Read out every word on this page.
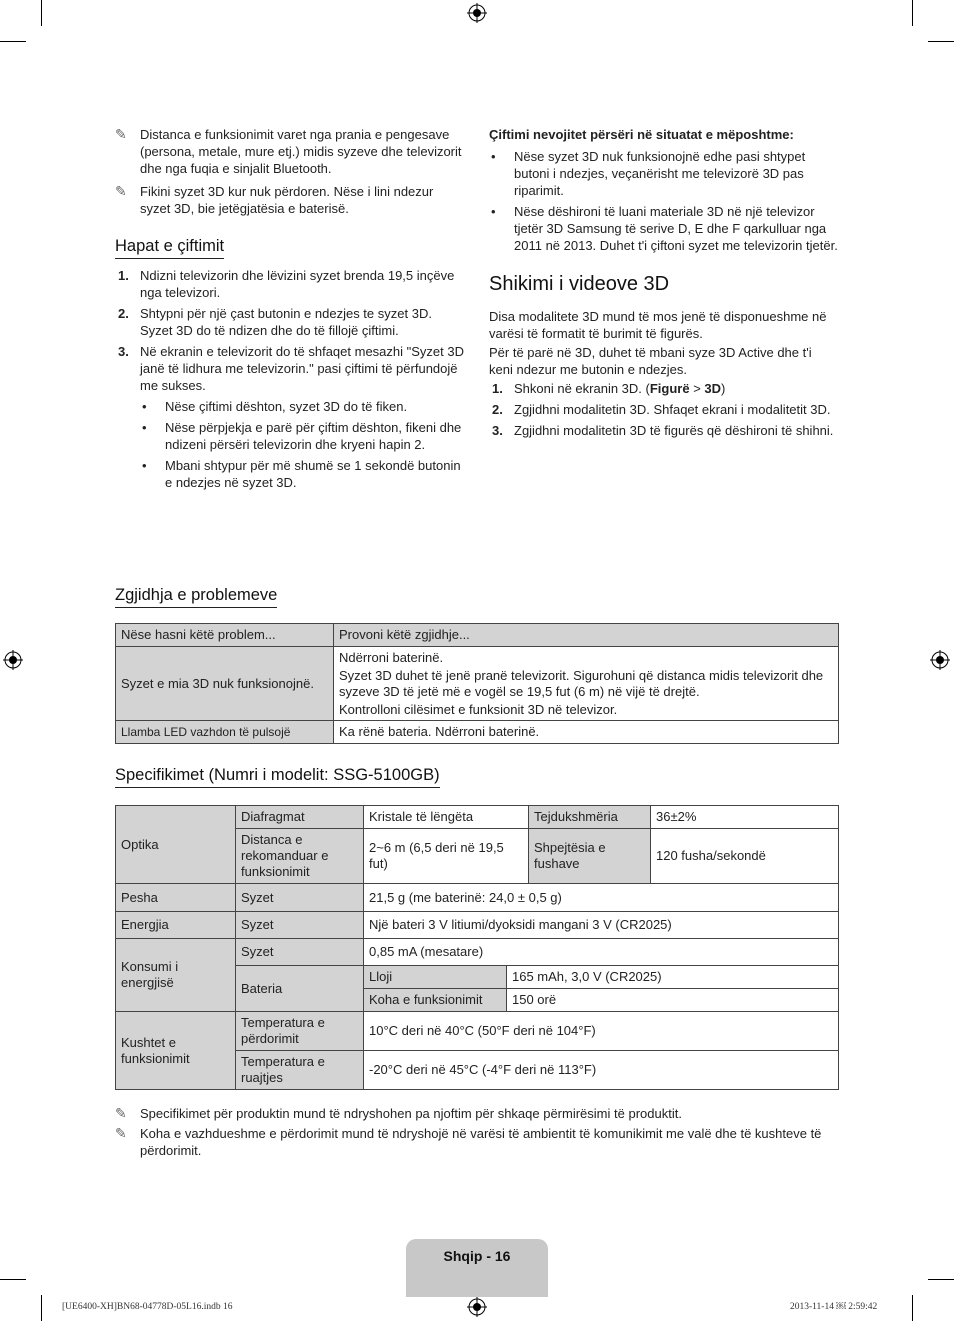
✎ Distanca e funksionimit varet nga prania e pengesave (persona, metale, mure etj.) midis syzeve dhe televizorit dhe nga fuqia e sinjalit Bluetooth.
✎ Fikini syzet 3D kur nuk përdoren. Nëse i lini ndezur syzet 3D, bie jetëgjatësia e baterisë.
Hapat e çiftimit
1. Ndizni televizorin dhe lëvizini syzet brenda 19,5 inçëve nga televizori.
2. Shtypni për një çast butonin e ndezjes te syzet 3D. Syzet 3D do të ndizen dhe do të fillojë çiftimi.
3. Në ekranin e televizorit do të shfaqet mesazhi "Syzet 3D janë të lidhura me televizorin." pasi çiftimi të përfundojë me sukses.
• Nëse çiftimi dështon, syzet 3D do të fiken.
• Nëse përpjekja e parë për çiftim dështon, fikeni dhe ndizeni përsëri televizorin dhe kryeni hapin 2.
• Mbani shtypur për më shumë se 1 sekondë butonin e ndezjes në syzet 3D.

Çiftimi nevojitet përsëri në situatat e mëposhtme:

• Nëse syzet 3D nuk funksionojnë edhe pasi shtypet butoni i ndezjes, veçanërisht me televizorë 3D pas riparimit.
• Nëse dëshironi të luani materiale 3D në një televizor tjetër 3D Samsung të serive D, E dhe F qarkulluar nga 2011 në 2013. Duhet t'i çiftoni syzet me televizorin tjetër.
Shikimi i videove 3D

Disa modalitete 3D mund të mos jenë të disponueshme në varësi të formatit të burimit të figurës.

Për të parë në 3D, duhet të mbani syze 3D Active dhe t'i keni ndezur me butonin e ndezjes.

1. Shkoni në ekranin 3D. (Figurë > 3D)
2. Zgjidhni modalitetin 3D. Shfaqet ekrani i modalitetit 3D.
3. Zgjidhni modalitetin 3D të figurës që dëshironi të shihni.
Zgjidhja e problemeve
Nëse hasni këtë problem...	Provoni këtë zgjidhje...
Syzet e mia 3D nuk funksionojnë.	Ndërroni baterinë.
Syzet 3D duhet të jenë pranë televizorit. Sigurohuni që distanca midis televizorit dhe syzeve 3D të jetë më e vogël se 19,5 fut (6 m) në vijë të drejtë.
Kontrolloni cilësimet e funksionit 3D në televizor.

Llamba LED vazhdon të pulsojë	Ka rënë bateria. Ndërroni baterinë.
Specifikimet (Numri i modelit: SSG-5100GB)
Optika	Diafragmat	Kristale të lëngëta		Tejdukshmëria	36±2%
	Distanca e rekomanduar e funksionimit	2~6 m (6,5 deri në 19,5 fut)		Shpejtësia e fushave	120 fusha/sekondë
Pesha	Syzet	21,5 g (me baterinë: 24,0 ± 0,5 g)			
Energjia	Syzet	Një bateri 3 V litiumi/dyoksidi mangani 3 V (CR2025)			
Konsumi i energjisë	Syzet	0,85 mA (mesatare)			
	Bateria	Lloji	165 mAh, 3,0 V (CR2025)		
		Koha e funksionimit	150 orë		
Kushtet e funksionimit	Temperatura e përdorimit	10°C deri në 40°C (50°F deri në 104°F)			
	Temperatura e ruajtjes	-20°C deri në 45°C (-4°F deri në 113°F)			
✎ Specifikimet për produktin mund të ndryshohen pa njoftim për shkaqe përmirësimi të produktit.
✎ Koha e vazhdueshme e përdorimit mund të ndryshojë në varësi të ambientit të komunikimit me valë dhe të kushteve të përdorimit.
Shqip - 16
[UE6400-XH]BN68-04778D-05L16.indb 16	2013-11-14 ￼ 2:59:42
